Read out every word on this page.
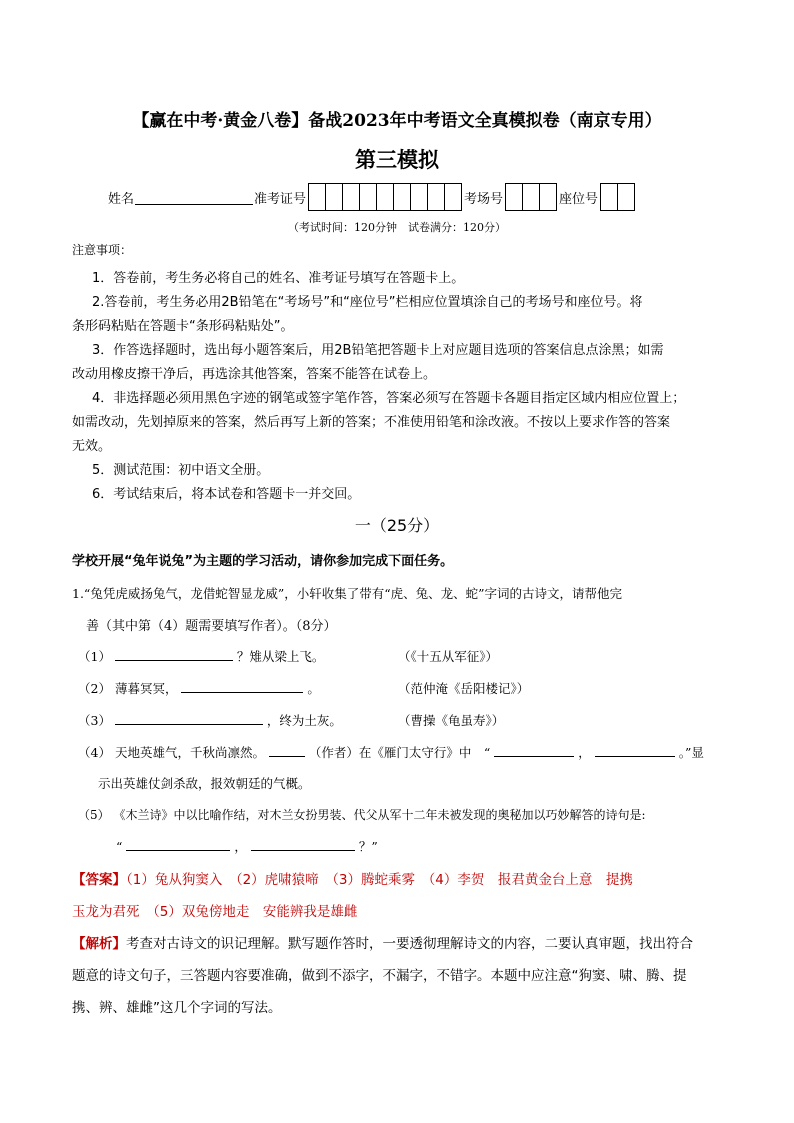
【赢在中考·黄金八卷】备战2023年中考语文全真模拟卷（南京专用）
第三模拟
姓名	准考证号	考场号	座位号
（考试时间：120分钟　试卷满分：120分）
注意事项：
1．答卷前，考生务必将自己的姓名、准考证号填写在答题卡上。
2.答卷前，考生务必用2B铅笔在“考场号”和“座位号”栏相应位置填涂自己的考场号和座位号。将
条形码粘贴在答题卡“条形码粘贴处”。
3．作答选择题时，选出每小题答案后，用2B铅笔把答题卡上对应题目选项的答案信息点涂黑；如需
改动用橡皮擦干净后，再选涂其他答案，答案不能答在试卷上。
4．非选择题必须用黑色字迹的钢笔或签字笔作答，答案必须写在答题卡各题目指定区域内相应位置上；
如需改动，先划掉原来的答案，然后再写上新的答案；不准使用铅笔和涂改液。不按以上要求作答的答案
无效。
5．测试范围：初中语文全册。
6．考试结束后，将本试卷和答题卡一并交回。
一（25分）
学校开展“兔年说兔”为主题的学习活动，请你参加完成下面任务。
1.“兔凭虎威扬兔气，龙借蛇智显龙威”，小轩收集了带有“虎、兔、龙、蛇”字词的古诗文，请帮他完
善（其中第（4）题需要填写作者）。（8分）
（1）	？雉从梁上飞。	（《十五从军征》）
（2） 薄暮冥冥，	。	（范仲淹《岳阳楼记》）
（3）	，终为土灰。	（曹操《龟虽寿》）
（4） 天地英雄气，千秋尚凛然。	（作者）在《雁门太守行》中　“	，	。”显
示出英雄仗剑杀敌，报效朝廷的气概。
（5） 《木兰诗》中以比喻作结，对木兰女扮男装、代父从军十二年未被发现的奥秘加以巧妙解答的诗句是:
“	，	？”
【答案】（1）兔从狗窦入　（2）虎啸猿啼　（3）腾蛇乘雾　（4）李贺　报君黄金台上意　提携
玉龙为君死　（5）双兔傍地走　安能辨我是雄雌
【解析】考查对古诗文的识记理解。默写题作答时，一要透彻理解诗文的内容，二要认真审题，找出符合
题意的诗文句子，三答题内容要准确，做到不添字，不漏字，不错字。本题中应注意“狗窦、啸、腾、提
携、辨、雄雌”这几个字词的写法。
